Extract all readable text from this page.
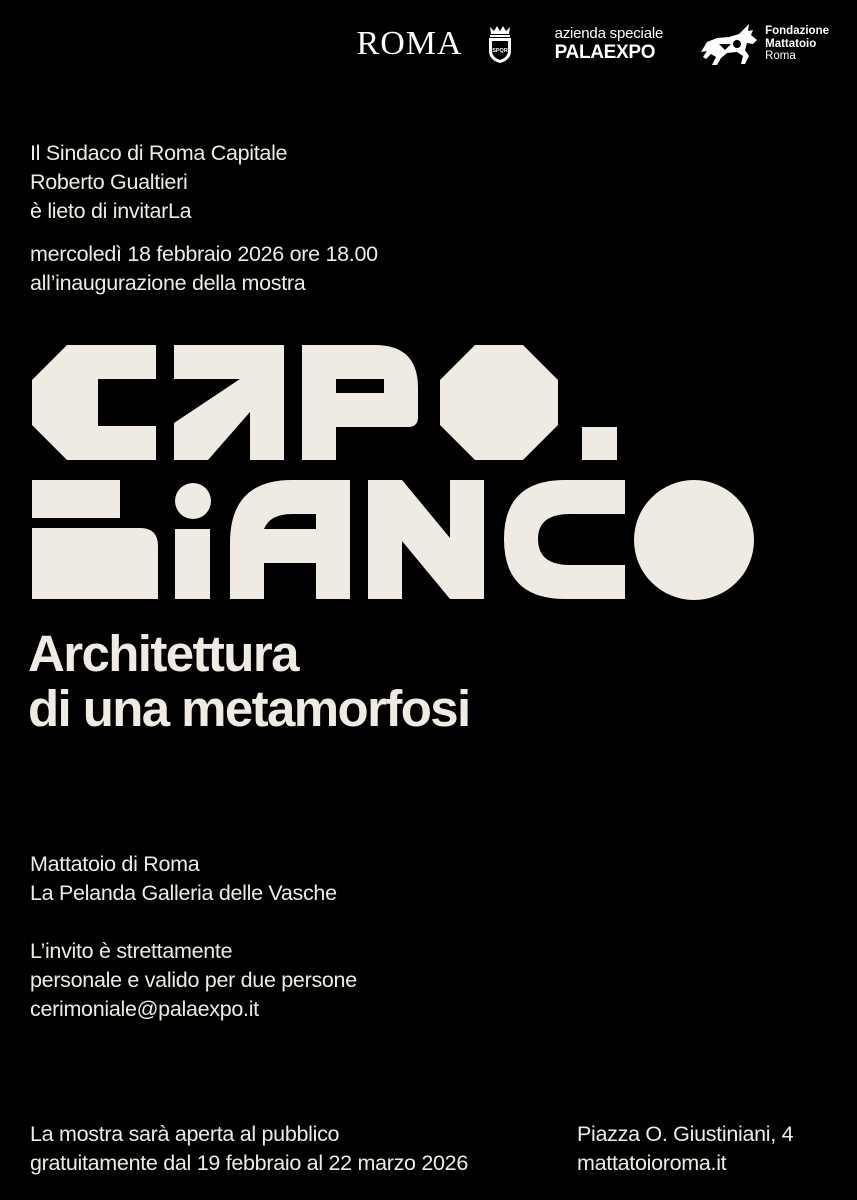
ROMA	SPQR
azienda speciale
PALAEXPO
Fondazione
Mattatoio
Roma
Il Sindaco di Roma Capitale
Roberto Gualtieri
è lieto di invitarLa
mercoledì 18 febbraio 2026 ore 18.00
all’inaugurazione della mostra
Architettura
di una metamorfosi
Mattatoio di Roma
La Pelanda Galleria delle Vasche
L’invito è strettamente
personale e valido per due persone
cerimoniale@palaexpo.it
La mostra sarà aperta al pubblico
gratuitamente dal 19 febbraio al 22 marzo 2026
Piazza O. Giustiniani, 4
mattatoioroma.it
